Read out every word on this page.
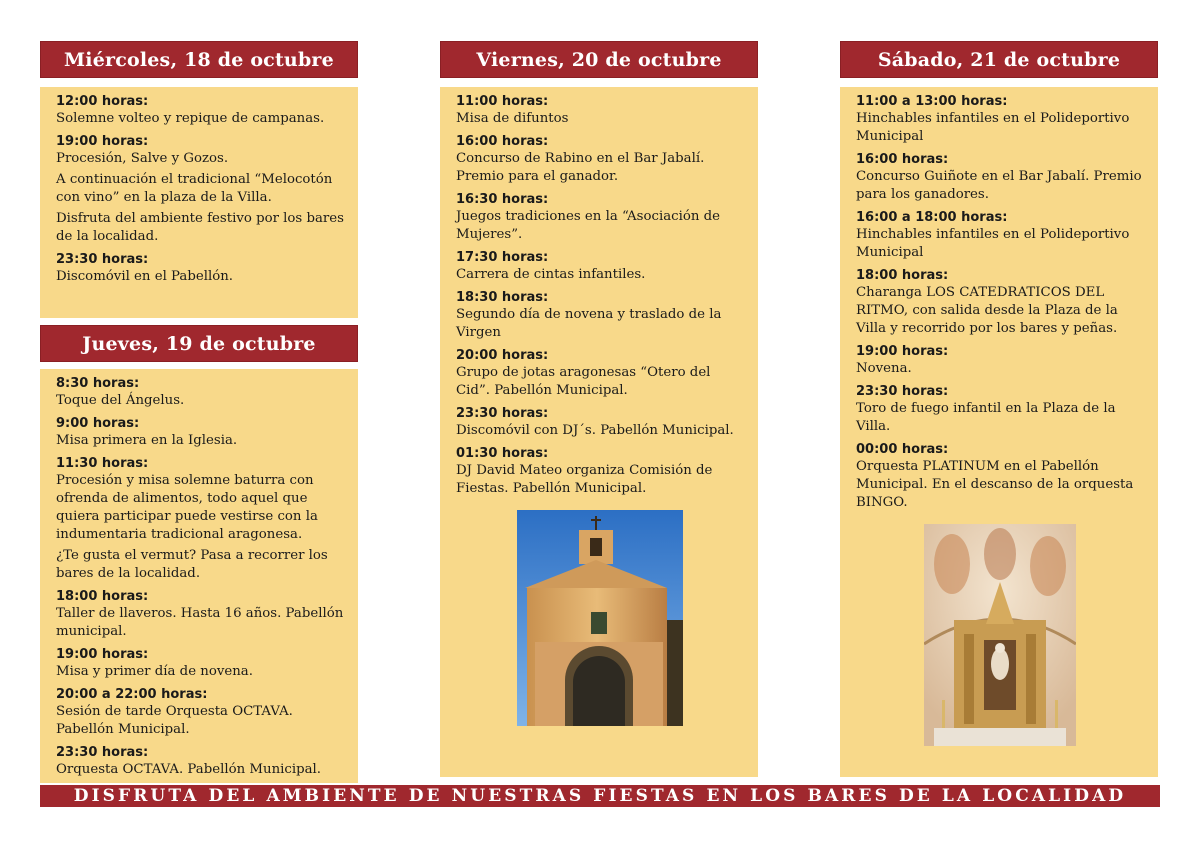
Miércoles, 18 de octubre
12:00 horas:
Solemne volteo y repique de campanas.
19:00 horas:
Procesión, Salve y Gozos.
A continuación el tradicional “Melocotón con vino” en la plaza de la Villa.
Disfruta del ambiente festivo por los bares de la localidad.
23:30 horas:
Discomóvil en el Pabellón.
Jueves, 19 de octubre
8:30 horas:
Toque del Ángelus.
9:00 horas:
Misa primera en la Iglesia.
11:30 horas:
Procesión y misa solemne baturra con ofrenda de alimentos, todo aquel que quiera participar puede vestirse con la indumentaria tradicional aragonesa.
¿Te gusta el vermut? Pasa a recorrer los bares de la localidad.
18:00 horas:
Taller de llaveros. Hasta 16 años. Pabellón municipal.
19:00 horas:
Misa y primer día de novena.
20:00 a 22:00 horas:
Sesión de tarde Orquesta OCTAVA. Pabellón Municipal.
23:30 horas:
Orquesta OCTAVA. Pabellón Municipal.
Viernes, 20 de octubre
11:00 horas:
Misa de difuntos
16:00 horas:
Concurso de Rabino en el Bar Jabalí. Premio para el ganador.
16:30 horas:
Juegos tradiciones en la “Asociación de Mujeres”.
17:30 horas:
Carrera de cintas infantiles.
18:30 horas:
Segundo día de novena y traslado de la Virgen
20:00 horas:
Grupo de jotas aragonesas “Otero del Cid”. Pabellón Municipal.
23:30 horas:
Discomóvil con DJ´s. Pabellón Municipal.
01:30 horas:
DJ David Mateo organiza Comisión de Fiestas. Pabellón Municipal.
Sábado, 21 de octubre
11:00 a 13:00 horas:
Hinchables infantiles en el Polideportivo Municipal
16:00 horas:
Concurso Guiñote en el Bar Jabalí. Premio para los ganadores.
16:00 a 18:00 horas:
Hinchables infantiles en el Polideportivo Municipal
18:00 horas:
Charanga LOS CATEDRATICOS DEL RITMO, con salida desde la Plaza de la Villa y recorrido por los bares y peñas.
19:00 horas:
Novena.
23:30 horas:
Toro de fuego infantil en la Plaza de la Villa.
00:00 horas:
Orquesta PLATINUM en el Pabellón Municipal. En el descanso de la orquesta BINGO.
DISFRUTA DEL AMBIENTE DE NUESTRAS FIESTAS EN LOS BARES DE LA LOCALIDAD
